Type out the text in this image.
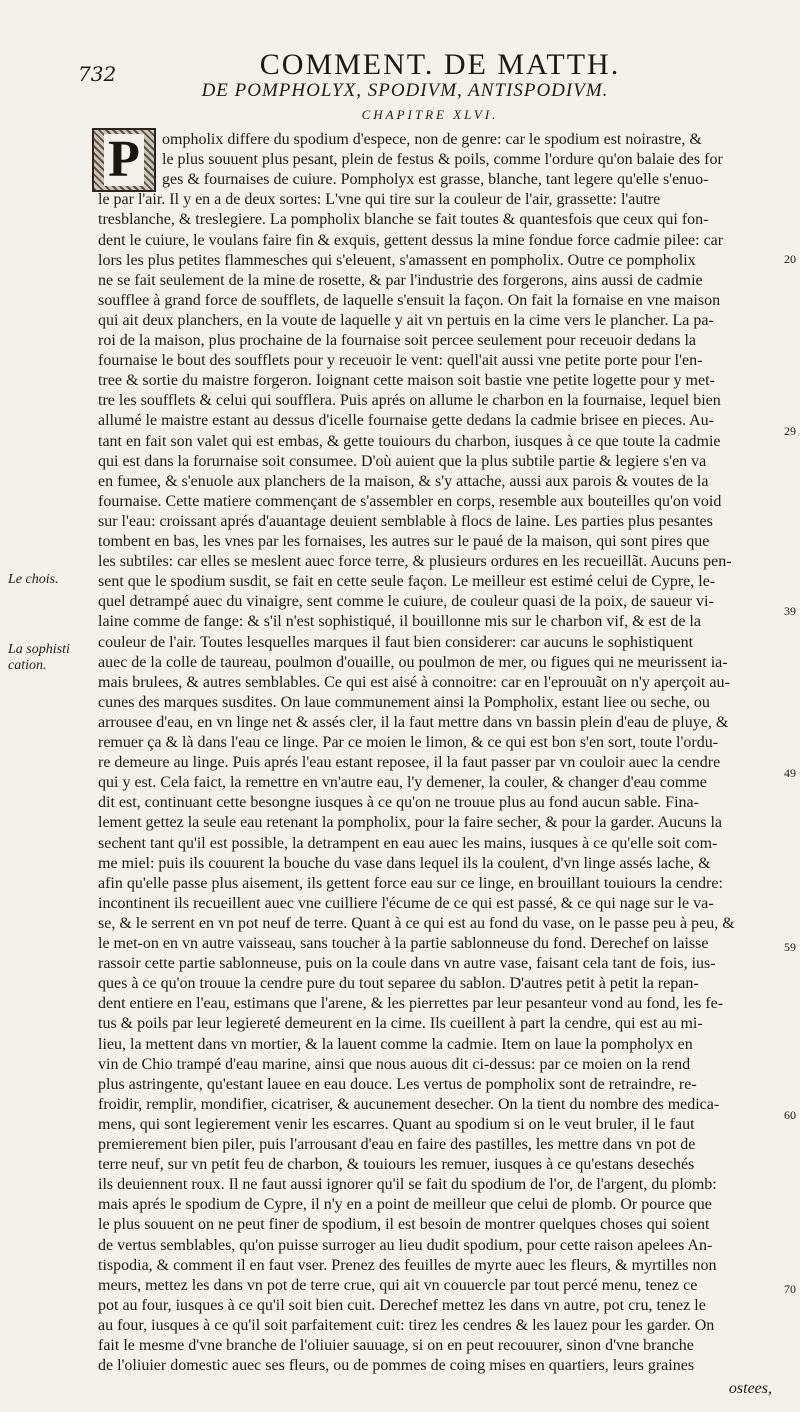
732	COMMENT. DE MATTH.
DE POMPHOLYX, SPODIVM, ANTISPODIVM.
CHAPITRE XLVI.
P ompholix differe du spodium d'espece, non de genre: car le spodium est noirastre, &
le plus souuent plus pesant, plein de festus & poils, comme l'ordure qu'on balaie des for
ges & fournaises de cuiure. Pompholyx est grasse, blanche, tant legere qu'elle s'enuo-
le par l'air. Il y en a de deux sortes: L'vne qui tire sur la couleur de l'air, grassette: l'autre
tresblanche, & treslegiere. La pompholix blanche se fait toutes & quantesfois que ceux qui fon-
dent le cuiure, le voulans faire fin & exquis, gettent dessus la mine fondue force cadmie pilee: car
lors les plus petites flammesches qui s'eleuent, s'amassent en pompholix. Outre ce pompholix
ne se fait seulement de la mine de rosette, & par l'industrie des forgerons, ains aussi de cadmie
soufflee à grand force de soufflets, de laquelle s'ensuit la façon. On fait la fornaise en vne maison
qui ait deux planchers, en la voute de laquelle y ait vn pertuis en la cime vers le plancher. La pa-
roi de la maison, plus prochaine de la fournaise soit percee seulement pour receuoir dedans la
fournaise le bout des soufflets pour y receuoir le vent: quell'ait aussi vne petite porte pour l'en-
tree & sortie du maistre forgeron. Ioignant cette maison soit bastie vne petite logette pour y met-
tre les soufflets & celui qui soufflera. Puis aprés on allume le charbon en la fournaise, lequel bien
allumé le maistre estant au dessus d'icelle fournaise gette dedans la cadmie brisee en pieces. Au-
tant en fait son valet qui est embas, & gette touiours du charbon, iusques à ce que toute la cadmie
qui est dans la forurnaise soit consumee. D'où auient que la plus subtile partie & legiere s'en va
en fumee, & s'enuole aux planchers de la maison, & s'y attache, aussi aux parois & voutes de la
fournaise. Cette matiere commençant de s'assembler en corps, resemble aux bouteilles qu'on void
sur l'eau: croissant aprés d'auantage deuient semblable à flocs de laine. Les parties plus pesantes
tombent en bas, les vnes par les fornaises, les autres sur le paué de la maison, qui sont pires que
les subtiles: car elles se meslent auec force terre, & plusieurs ordures en les recueillãt. Aucuns pen-
sent que le spodium susdit, se fait en cette seule façon. Le meilleur est estimé celui de Cypre, le-
quel detrampé auec du vinaigre, sent comme le cuiure, de couleur quasi de la poix, de saueur vi-
laine comme de fange: & s'il n'est sophistiqué, il bouillonne mis sur le charbon vif, & est de la
couleur de l'air. Toutes lesquelles marques il faut bien considerer: car aucuns le sophistiquent
auec de la colle de taureau, poulmon d'ouaille, ou poulmon de mer, ou figues qui ne meurissent ia-
mais brulees, & autres semblables. Ce qui est aisé à connoitre: car en l'eprouuãt on n'y aperçoit au-
cunes des marques susdites. On laue communement ainsi la Pompholix, estant liee ou seche, ou
arrousee d'eau, en vn linge net & assés cler, il la faut mettre dans vn bassin plein d'eau de pluye, &
remuer ça & là dans l'eau ce linge. Par ce moien le limon, & ce qui est bon s'en sort, toute l'ordu-
re demeure au linge. Puis aprés l'eau estant reposee, il la faut passer par vn couloir auec la cendre
qui y est. Cela faict, la remettre en vn'autre eau, l'y demener, la couler, & changer d'eau comme
dit est, continuant cette besongne iusques à ce qu'on ne trouue plus au fond aucun sable. Fina-
lement gettez la seule eau retenant la pompholix, pour la faire secher, & pour la garder. Aucuns la
sechent tant qu'il est possible, la detrampent en eau auec les mains, iusques à ce qu'elle soit com-
me miel: puis ils couurent la bouche du vase dans lequel ils la coulent, d'vn linge assés lache, &
afin qu'elle passe plus aisement, ils gettent force eau sur ce linge, en brouillant touiours la cendre:
incontinent ils recueillent auec vne cuilliere l'écume de ce qui est passé, & ce qui nage sur le va-
se, & le serrent en vn pot neuf de terre. Quant à ce qui est au fond du vase, on le passe peu à peu, &
le met-on en vn autre vaisseau, sans toucher à la partie sablonneuse du fond. Derechef on laisse
rassoir cette partie sablonneuse, puis on la coule dans vn autre vase, faisant cela tant de fois, ius-
ques à ce qu'on trouue la cendre pure du tout separee du sablon. D'autres petit à petit la repan-
dent entiere en l'eau, estimans que l'arene, & les pierrettes par leur pesanteur vond au fond, les fe-
tus & poils par leur legiereté demeurent en la cime. Ils cueillent à part la cendre, qui est au mi-
lieu, la mettent dans vn mortier, & la lauent comme la cadmie. Item on laue la pompholyx en
vin de Chio trampé d'eau marine, ainsi que nous auous dit ci-dessus: par ce moien on la rend
plus astringente, qu'estant lauee en eau douce. Les vertus de pompholix sont de retraindre, re-
froidir, remplir, mondifier, cicatriser, & aucunement desecher. On la tient du nombre des medica-
mens, qui sont legierement venir les escarres. Quant au spodium si on le veut bruler, il le faut
premierement bien piler, puis l'arrousant d'eau en faire des pastilles, les mettre dans vn pot de
terre neuf, sur vn petit feu de charbon, & touiours les remuer, iusques à ce qu'estans desechés
ils deuiennent roux. Il ne faut aussi ignorer qu'il se fait du spodium de l'or, de l'argent, du plomb:
mais aprés le spodium de Cypre, il n'y en a point de meilleur que celui de plomb. Or pource que
le plus souuent on ne peut finer de spodium, il est besoin de montrer quelques choses qui soient
de vertus semblables, qu'on puisse surroger au lieu dudit spodium, pour cette raison apelees An-
tispodia, & comment il en faut vser. Prenez des feuilles de myrte auec les fleurs, & myrtilles non
meurs, mettez les dans vn pot de terre crue, qui ait vn couuercle par tout percé menu, tenez ce
pot au four, iusques à ce qu'il soit bien cuit. Derechef mettez les dans vn autre, pot cru, tenez le
au four, iusques à ce qu'il soit parfaitement cuit: tirez les cendres & les lauez pour les garder. On
fait le mesme d'vne branche de l'oliuier sauuage, si on en peut recouurer, sinon d'vne branche
de l'oliuier domestic auec ses fleurs, ou de pommes de coing mises en quartiers, leurs graines
Le chois.
La sophisti cation.
20
29
39
49
59
60
70
ostees,
